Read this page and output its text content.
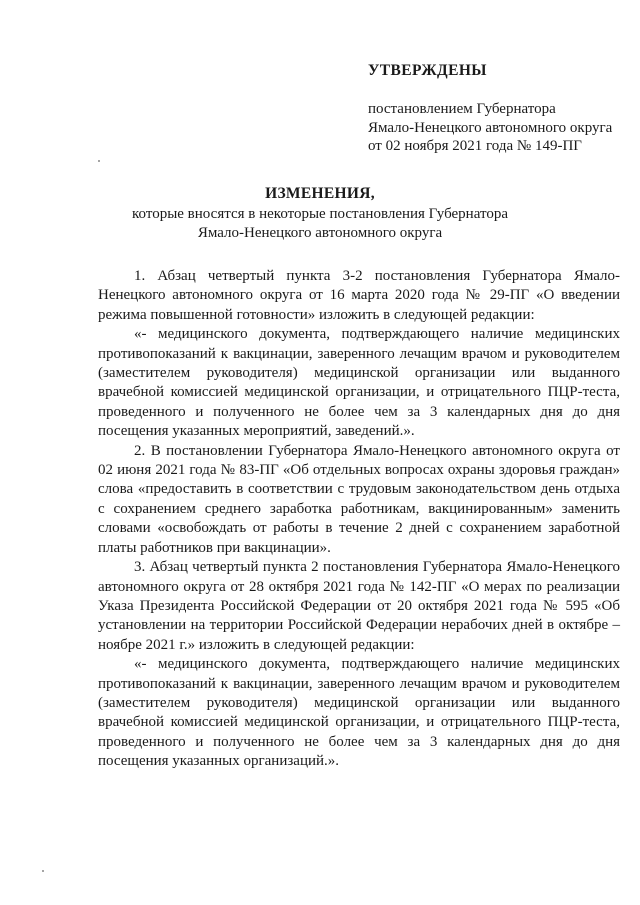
УТВЕРЖДЕНЫ
постановлением Губернатора
Ямало-Ненецкого автономного округа
от 02 ноября 2021 года № 149-ПГ
ИЗМЕНЕНИЯ,
которые вносятся в некоторые постановления Губернатора
Ямало-Ненецкого автономного округа

1. Абзац четвертый пункта 3-2 постановления Губернатора Ямало-Ненецкого автономного округа от 16 марта 2020 года № 29-ПГ «О введении режима повышенной готовности» изложить в следующей редакции:

«- медицинского документа, подтверждающего наличие медицинских противопоказаний к вакцинации, заверенного лечащим врачом и руководителем (заместителем руководителя) медицинской организации или выданного врачебной комиссией медицинской организации, и отрицательного ПЦР-теста, проведенного и полученного не более чем за 3 календарных дня до дня посещения указанных мероприятий, заведений.».

2. В постановлении Губернатора Ямало-Ненецкого автономного округа от 02 июня 2021 года № 83-ПГ «Об отдельных вопросах охраны здоровья граждан» слова «предоставить в соответствии с трудовым законодательством день отдыха с сохранением среднего заработка работникам, вакцинированным» заменить словами «освобождать от работы в течение 2 дней с сохранением заработной платы работников при вакцинации».

3. Абзац четвертый пункта 2 постановления Губернатора Ямало-Ненецкого автономного округа от 28 октября 2021 года № 142-ПГ «О мерах по реализации Указа Президента Российской Федерации от 20 октября 2021 года № 595 «Об установлении на территории Российской Федерации нерабочих дней в октябре – ноябре 2021 г.» изложить в следующей редакции:

«- медицинского документа, подтверждающего наличие медицинских противопоказаний к вакцинации, заверенного лечащим врачом и руководителем (заместителем руководителя) медицинской организации или выданного врачебной комиссией медицинской организации, и отрицательного ПЦР-теста, проведенного и полученного не более чем за 3 календарных дня до дня посещения указанных организаций.».
